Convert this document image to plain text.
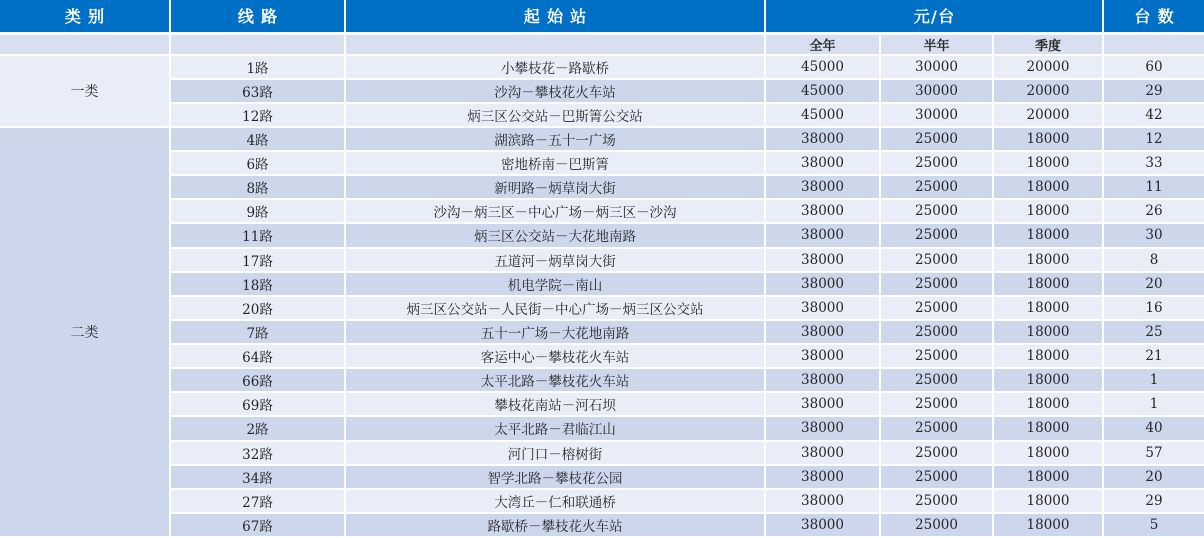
类别	线路	起始站	元/台			台数
			全年	半年	季度	
一类	1路	小攀枝花－路歇桥	45000	30000	20000	60
	63路	沙沟－攀枝花火车站	45000	30000	20000	29
	12路	炳三区公交站－巴斯箐公交站	45000	30000	20000	42
二类	4路	湖滨路－五十一广场	38000	25000	18000	12
	6路	密地桥南－巴斯箐	38000	25000	18000	33
	8路	新明路－炳草岗大街	38000	25000	18000	11
	9路	沙沟－炳三区－中心广场－炳三区－沙沟	38000	25000	18000	26
	11路	炳三区公交站－大花地南路	38000	25000	18000	30
	17路	五道河－炳草岗大街	38000	25000	18000	8
	18路	机电学院－南山	38000	25000	18000	20
	20路	炳三区公交站－人民街－中心广场－炳三区公交站	38000	25000	18000	16
	7路	五十一广场－大花地南路	38000	25000	18000	25
	64路	客运中心－攀枝花火车站	38000	25000	18000	21
	66路	太平北路－攀枝花火车站	38000	25000	18000	1
	69路	攀枝花南站－河石坝	38000	25000	18000	1
	2路	太平北路－君临江山	38000	25000	18000	40
	32路	河门口－榕树街	38000	25000	18000	57
	34路	智学北路－攀枝花公园	38000	25000	18000	20
	27路	大湾丘－仁和联通桥	38000	25000	18000	29
	67路	路歇桥－攀枝花火车站	38000	25000	18000	5
